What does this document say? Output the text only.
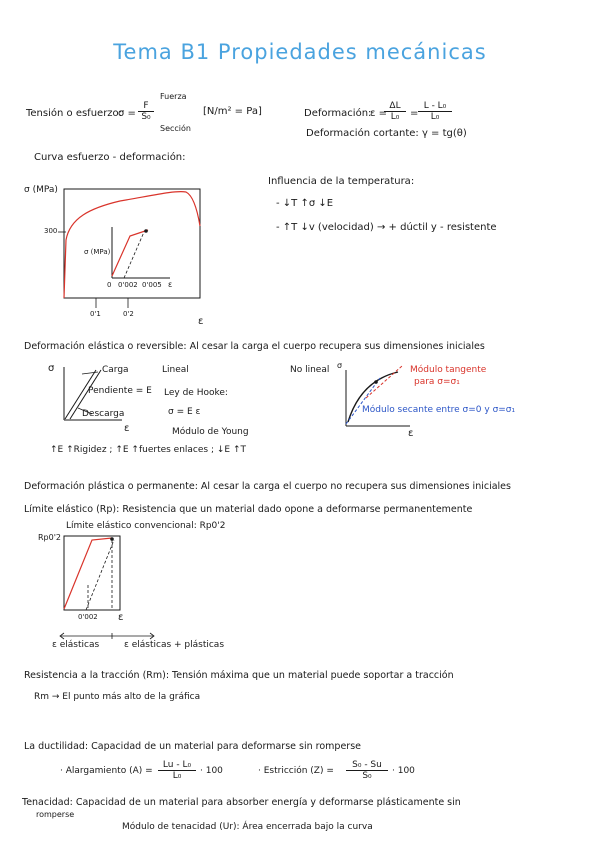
Tema B1 Propiedades mecánicas
Tensión o esfuerzo:
$\sigma = \frac{F}{\text{S₀}}$
Fuerza
Sección
[N/m² = Pa]	Deformación:
ε =
$\frac{\Delta L}{\text{L₀}} = \frac{\text{L - L₀}}{\text{L₀}}$
Deformación cortante: γ = tg(θ)
Curva esfuerzo - deformación:
σ (MPa)
300
0'1	0'2
ε
σ (MPa)
0 0'002 0'005 ε
Influencia de la temperatura:
- ↓T ↑σ ↓E
- ↑T ↓v (velocidad) → + dúctil y - resistente
Deformación elástica o reversible: Al cesar la carga el cuerpo recupera sus dimensiones iniciales
σ	Carga	Lineal
Pendiente = E
Descarga
ε
Ley de Hooke:
σ = E ε
Módulo de Young
↑E ↑Rigidez ; ↑E ↑fuertes enlaces ; ↓E ↑T
No lineal σ	Módulo tangente
para σ=σ₁
Módulo secante entre σ=0 y σ=σ₁
ε
Deformación plástica o permanente: Al cesar la carga el cuerpo no recupera sus dimensiones iniciales
Límite elástico (Rp): Resistencia que un material dado opone a deformarse permanentemente
Límite elástico convencional: Rp0'2
Rp0'2
0'002 ε
ε elásticas	ε elásticas + plásticas
Resistencia a la tracción (Rm): Tensión máxima que un material puede soportar a tracción
Rm → El punto más alto de la gráfica
La ductilidad: Capacidad de un material para deformarse sin romperse
· Alargamiento $(A) = \frac{\text{Lu - L₀}}{\text{L₀}} \cdot 100$	· Estricción $(Z) = \frac{\text{S₀ - Su}}{\text{S₀}} \cdot 100$
Tenacidad: Capacidad de un material para absorber energía y deformarse plásticamente sin
romperse
Módulo de tenacidad (Ur): Área encerrada bajo la curva
